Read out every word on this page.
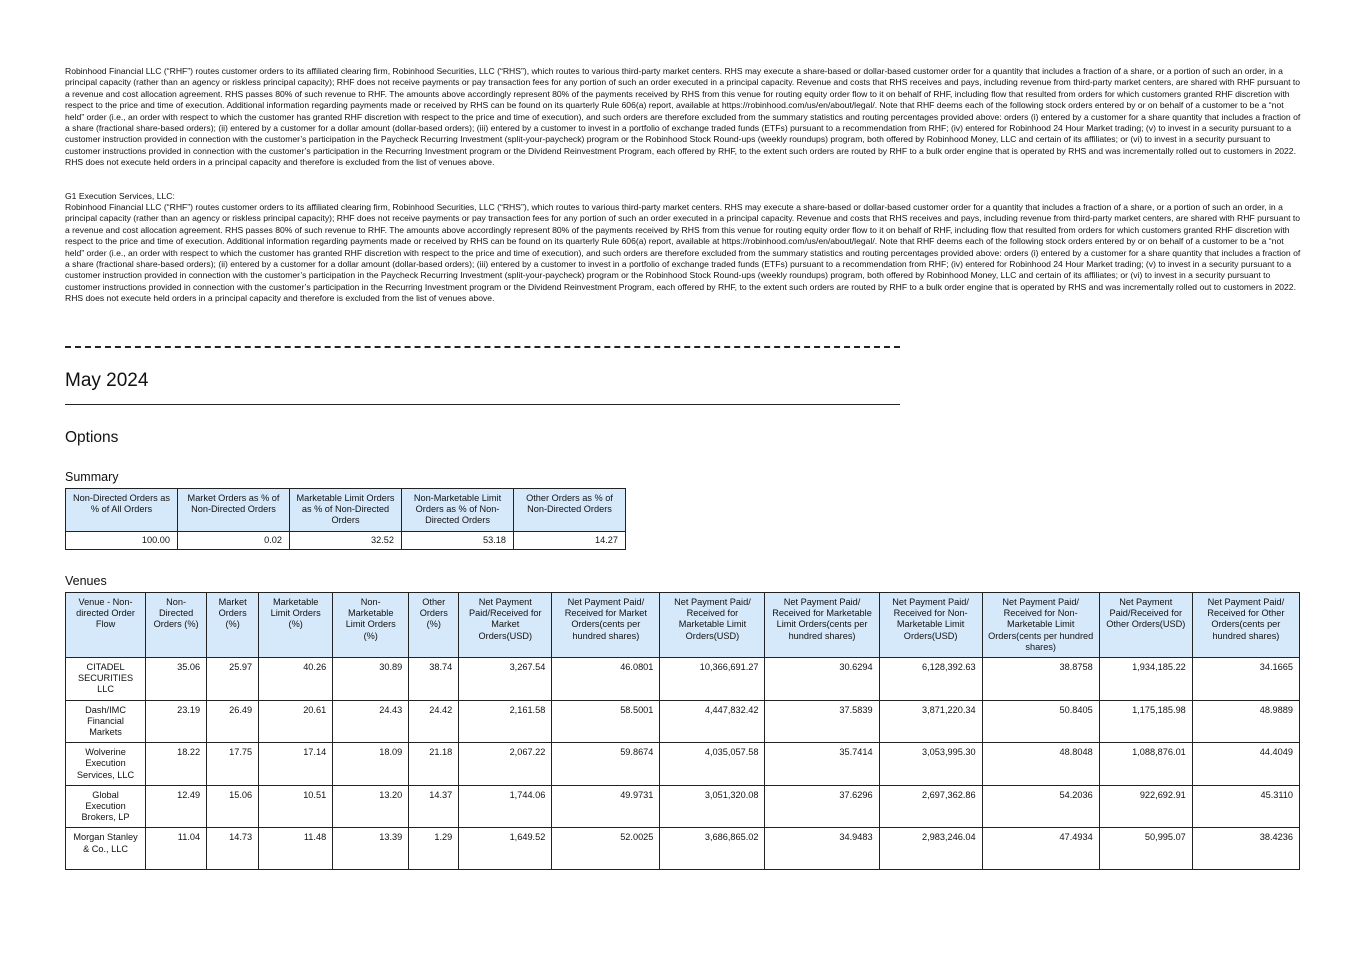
Robinhood Financial LLC (“RHF”) routes customer orders to its affiliated clearing firm, Robinhood Securities, LLC (“RHS”), which routes to various third-party market centers. RHS may execute a share-based or dollar-based customer order for a quantity that includes a fraction of a share, or a portion of such an order, in a principal capacity (rather than an agency or riskless principal capacity); RHF does not receive payments or pay transaction fees for any portion of such an order executed in a principal capacity. Revenue and costs that RHS receives and pays, including revenue from third-party market centers, are shared with RHF pursuant to a revenue and cost allocation agreement. RHS passes 80% of such revenue to RHF. The amounts above accordingly represent 80% of the payments received by RHS from this venue for routing equity order flow to it on behalf of RHF, including flow that resulted from orders for which customers granted RHF discretion with respect to the price and time of execution. Additional information regarding payments made or received by RHS can be found on its quarterly Rule 606(a) report, available at https://robinhood.com/us/en/about/legal/. Note that RHF deems each of the following stock orders entered by or on behalf of a customer to be a “not held” order (i.e., an order with respect to which the customer has granted RHF discretion with respect to the price and time of execution), and such orders are therefore excluded from the summary statistics and routing percentages provided above: orders (i) entered by a customer for a share quantity that includes a fraction of a share (fractional share-based orders); (ii) entered by a customer for a dollar amount (dollar-based orders); (iii) entered by a customer to invest in a portfolio of exchange traded funds (ETFs) pursuant to a recommendation from RHF; (iv) entered for Robinhood 24 Hour Market trading; (v) to invest in a security pursuant to a customer instruction provided in connection with the customer’s participation in the Paycheck Recurring Investment (split-your-paycheck) program or the Robinhood Stock Round-ups (weekly roundups) program, both offered by Robinhood Money, LLC and certain of its affiliates; or (vi) to invest in a security pursuant to customer instructions provided in connection with the customer’s participation in the Recurring Investment program or the Dividend Reinvestment Program, each offered by RHF, to the extent such orders are routed by RHF to a bulk order engine that is operated by RHS and was incrementally rolled out to customers in 2022. RHS does not execute held orders in a principal capacity and therefore is excluded from the list of venues above.

G1 Execution Services, LLC:

Robinhood Financial LLC (“RHF”) routes customer orders to its affiliated clearing firm, Robinhood Securities, LLC (“RHS”), which routes to various third-party market centers. RHS may execute a share-based or dollar-based customer order for a quantity that includes a fraction of a share, or a portion of such an order, in a principal capacity (rather than an agency or riskless principal capacity); RHF does not receive payments or pay transaction fees for any portion of such an order executed in a principal capacity. Revenue and costs that RHS receives and pays, including revenue from third-party market centers, are shared with RHF pursuant to a revenue and cost allocation agreement. RHS passes 80% of such revenue to RHF. The amounts above accordingly represent 80% of the payments received by RHS from this venue for routing equity order flow to it on behalf of RHF, including flow that resulted from orders for which customers granted RHF discretion with respect to the price and time of execution. Additional information regarding payments made or received by RHS can be found on its quarterly Rule 606(a) report, available at https://robinhood.com/us/en/about/legal/. Note that RHF deems each of the following stock orders entered by or on behalf of a customer to be a “not held” order (i.e., an order with respect to which the customer has granted RHF discretion with respect to the price and time of execution), and such orders are therefore excluded from the summary statistics and routing percentages provided above: orders (i) entered by a customer for a share quantity that includes a fraction of a share (fractional share-based orders); (ii) entered by a customer for a dollar amount (dollar-based orders); (iii) entered by a customer to invest in a portfolio of exchange traded funds (ETFs) pursuant to a recommendation from RHF; (iv) entered for Robinhood 24 Hour Market trading; (v) to invest in a security pursuant to a customer instruction provided in connection with the customer’s participation in the Paycheck Recurring Investment (split-your-paycheck) program or the Robinhood Stock Round-ups (weekly roundups) program, both offered by Robinhood Money, LLC and certain of its affiliates; or (vi) to invest in a security pursuant to customer instructions provided in connection with the customer’s participation in the Recurring Investment program or the Dividend Reinvestment Program, each offered by RHF, to the extent such orders are routed by RHF to a bulk order engine that is operated by RHS and was incrementally rolled out to customers in 2022. RHS does not execute held orders in a principal capacity and therefore is excluded from the list of venues above.

May 2024
Options
Summary
Non-Directed Orders as % of All Orders	Market Orders as % of Non-Directed Orders	Marketable Limit Orders as % of Non-Directed Orders	Non-Marketable Limit Orders as % of Non-Directed Orders	Other Orders as % of Non-Directed Orders
100.00	0.02	32.52	53.18	14.27
Venues
Venue - Non-directed Order Flow	Non-Directed Orders (%)	Market Orders (%)	Marketable Limit Orders (%)	Non-Marketable Limit Orders (%)	Other Orders (%)	Net Payment Paid/Received for Market Orders(USD)	Net Payment Paid/ Received for Market Orders(cents per hundred shares)	Net Payment Paid/ Received for Marketable Limit Orders(USD)	Net Payment Paid/ Received for Marketable Limit Orders(cents per hundred shares)	Net Payment Paid/ Received for Non-Marketable Limit Orders(USD)	Net Payment Paid/ Received for Non-Marketable Limit Orders(cents per hundred shares)	Net Payment Paid/Received for Other Orders(USD)	Net Payment Paid/ Received for Other Orders(cents per hundred shares)
CITADEL SECURITIES LLC	35.06	25.97	40.26	30.89	38.74	3,267.54	46.0801	10,366,691.27	30.6294	6,128,392.63	38.8758	1,934,185.22	34.1665
Dash/IMC Financial Markets	23.19	26.49	20.61	24.43	24.42	2,161.58	58.5001	4,447,832.42	37.5839	3,871,220.34	50.8405	1,175,185.98	48.9889
Wolverine Execution Services, LLC	18.22	17.75	17.14	18.09	21.18	2,067.22	59.8674	4,035,057.58	35.7414	3,053,995.30	48.8048	1,088,876.01	44.4049
Global Execution Brokers, LP	12.49	15.06	10.51	13.20	14.37	1,744.06	49.9731	3,051,320.08	37.6296	2,697,362.86	54.2036	922,692.91	45.3110
Morgan Stanley & Co., LLC	11.04	14.73	11.48	13.39	1.29	1,649.52	52.0025	3,686,865.02	34.9483	2,983,246.04	47.4934	50,995.07	38.4236
